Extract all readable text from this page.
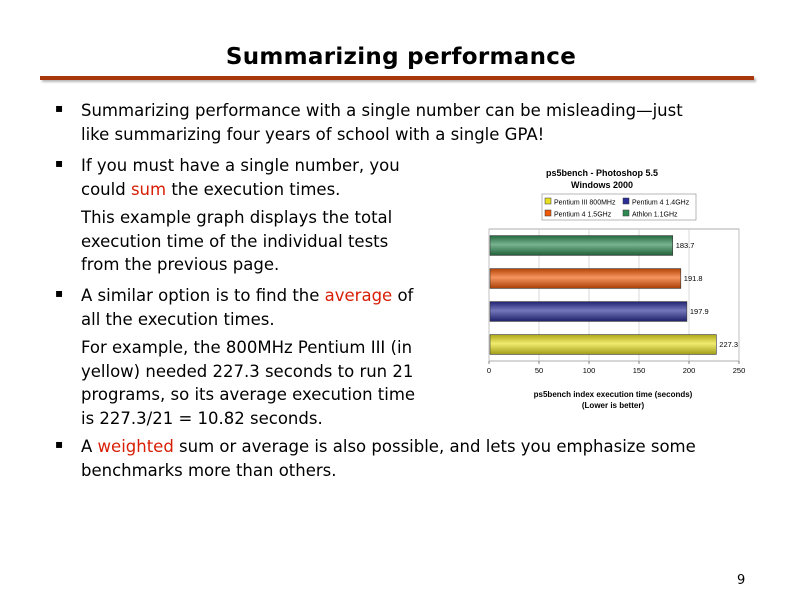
Summarizing performance
▪ Summarizing performance with a single number can be misleading—just
like summarizing four years of school with a single GPA!
▪ If you must have a single number, you
could sum the execution times.
This example graph displays the total
execution time of the individual tests
from the previous page.
▪ A similar option is to find the average of
all the execution times.
For example, the 800MHz Pentium III (in
yellow) needed 227.3 seconds to run 21
programs, so its average execution time
is 227.3/21 = 10.82 seconds.
▪ A weighted sum or average is also possible, and lets you emphasize some
benchmarks more than others.
ps5bench - Photoshop 5.5
Windows 2000
Pentium III 800MHz Pentium 4 1.4GHz
Pentium 4 1.5GHz	Athlon 1.1GHz
0	50	100	150	200	250
183.7
191.8
197.9
227.3
ps5bench index execution time (seconds)
(Lower is better)
9
